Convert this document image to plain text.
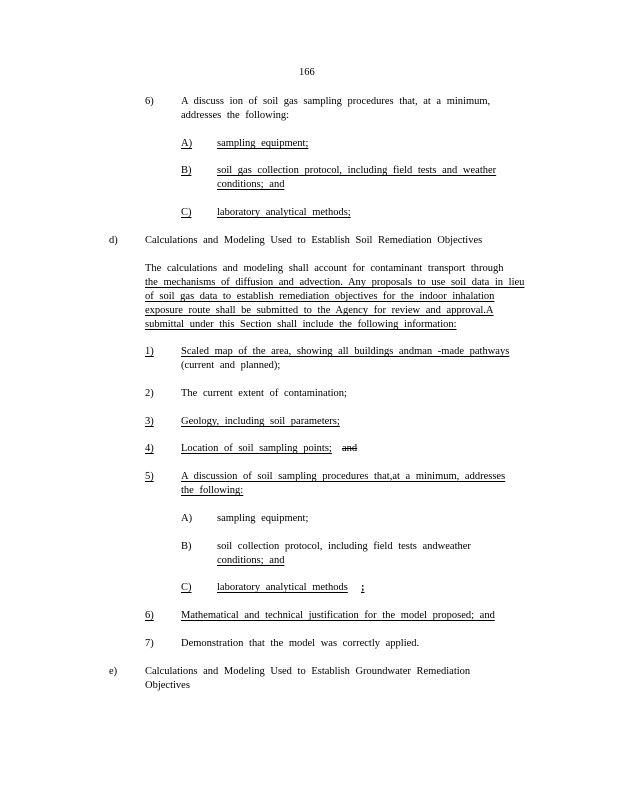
166
6)	A discuss ion of soil gas sampling procedures that, at a minimum,
addresses the following:
A) sampling equipment;
B) soil gas collection protocol, including field tests and weather
conditions; and
C) laboratory analytical methods;
d)	Calculations and Modeling Used to Establish Soil Remediation Objectives
The calculations and modeling shall account for contaminant transport through
the mechanisms of diffusion and advection. Any proposals to use soil data in lieu
of soil gas data to establish remediation objectives for the indoor inhalation
exposure route shall be submitted to the Agency for review and approval.A
submittal under this Section shall include the following information:
1)	Scaled map of the area, showing all buildings andman -made pathways
(current and planned);
2)	The current extent of contamination;
3)	Geology, including soil parameters;
4)	Location of soil sampling points; and
5)	A discussion of soil sampling procedures that,at a minimum, addresses
the following:
A) sampling equipment;
B) soil collection protocol, including field tests andweather
conditions; and
C) laboratory analytical methods	;
6)	Mathematical and technical justification for the model proposed; and
7)	Demonstration that the model was correctly applied.
e)	Calculations and Modeling Used to Establish Groundwater Remediation
Objectives
